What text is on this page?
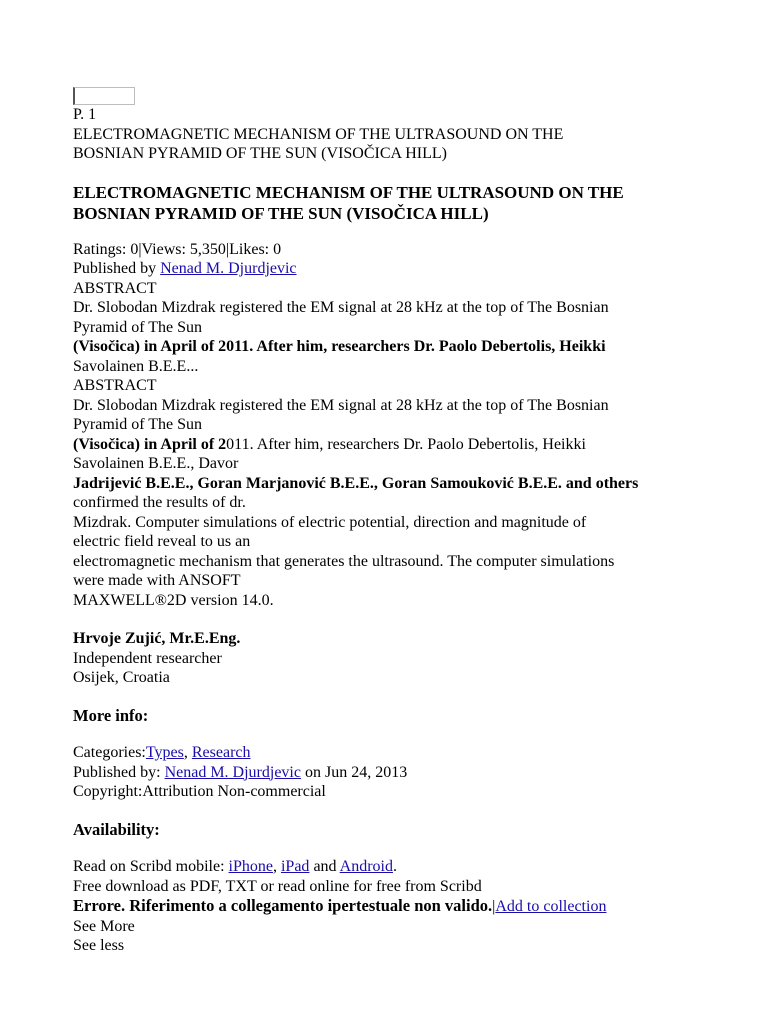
P. 1
ELECTROMAGNETIC MECHANISM OF THE ULTRASOUND ON THE
BOSNIAN PYRAMID OF THE SUN (VISOČICA HILL)
ELECTROMAGNETIC MECHANISM OF THE ULTRASOUND ON THE
BOSNIAN PYRAMID OF THE SUN (VISOČICA HILL)
Ratings: 0|Views: 5,350|Likes: 0
Published by Nenad M. Djurdjevic
ABSTRACT
Dr. Slobodan Mizdrak registered the EM signal at 28 kHz at the top of The Bosnian
Pyramid of The Sun
(Visočica) in April of 2011. After him, researchers Dr. Paolo Debertolis, Heikki
Savolainen B.E.E...
ABSTRACT
Dr. Slobodan Mizdrak registered the EM signal at 28 kHz at the top of The Bosnian
Pyramid of The Sun
(Visočica) in April of 2011. After him, researchers Dr. Paolo Debertolis, Heikki
Savolainen B.E.E., Davor
Jadrijević B.E.E., Goran Marjanović B.E.E., Goran Samouković B.E.E. and others
confirmed the results of dr.
Mizdrak. Computer simulations of electric potential, direction and magnitude of
electric field reveal to us an
electromagnetic mechanism that generates the ultrasound. The computer simulations
were made with ANSOFT
MAXWELL®2D version 14.0.
Hrvoje Zujić, Mr.E.Eng.
Independent researcher
Osijek, Croatia
More info:
Categories:Types, Research
Published by: Nenad M. Djurdjevic on Jun 24, 2013
Copyright:Attribution Non-commercial
Availability:
Read on Scribd mobile: iPhone, iPad and Android.
Free download as PDF, TXT or read online for free from Scribd
Errore. Riferimento a collegamento ipertestuale non valido.|Add to collection
See More
See less
